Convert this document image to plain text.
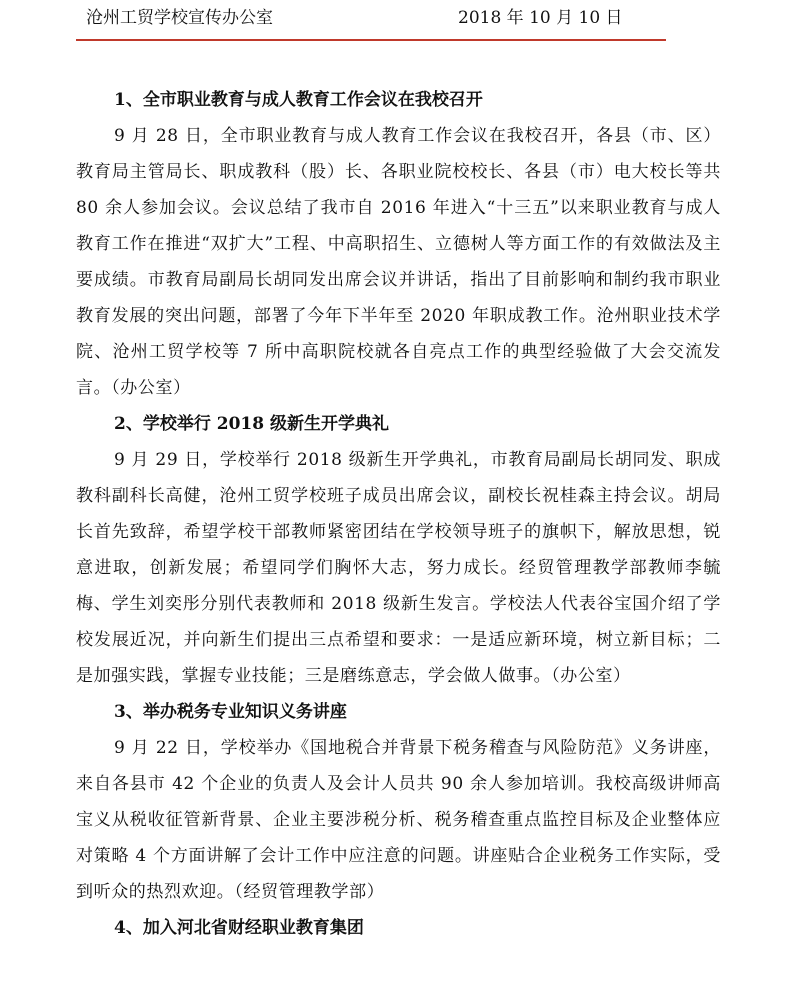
沧州工贸学校宣传办公室	2018 年 10 月 10 日

1、全市职业教育与成人教育工作会议在我校召开

9 月 28 日，全市职业教育与成人教育工作会议在我校召开，各县（市、区）教育局主管局长、职成教科（股）长、各职业院校校长、各县（市）电大校长等共 80 余人参加会议。会议总结了我市自 2016 年进入“十三五”以来职业教育与成人教育工作在推进“双扩大”工程、中高职招生、立德树人等方面工作的有效做法及主要成绩。市教育局副局长胡同发出席会议并讲话，指出了目前影响和制约我市职业教育发展的突出问题，部署了今年下半年至 2020 年职成教工作。沧州职业技术学院、沧州工贸学校等 7 所中高职院校就各自亮点工作的典型经验做了大会交流发言。（办公室）

2、学校举行 2018 级新生开学典礼

9 月 29 日，学校举行 2018 级新生开学典礼，市教育局副局长胡同发、职成教科副科长高健，沧州工贸学校班子成员出席会议，副校长祝桂森主持会议。胡局长首先致辞，希望学校干部教师紧密团结在学校领导班子的旗帜下，解放思想，锐意进取，创新发展；希望同学们胸怀大志，努力成长。经贸管理教学部教师李毓梅、学生刘奕彤分别代表教师和 2018 级新生发言。学校法人代表谷宝国介绍了学校发展近况，并向新生们提出三点希望和要求：一是适应新环境，树立新目标；二是加强实践，掌握专业技能；三是磨练意志，学会做人做事。（办公室）

3、举办税务专业知识义务讲座

9 月 22 日，学校举办《国地税合并背景下税务稽查与风险防范》义务讲座，来自各县市 42 个企业的负责人及会计人员共 90 余人参加培训。我校高级讲师高宝义从税收征管新背景、企业主要涉税分析、税务稽查重点监控目标及企业整体应对策略 4 个方面讲解了会计工作中应注意的问题。讲座贴合企业税务工作实际，受到听众的热烈欢迎。（经贸管理教学部）

4、加入河北省财经职业教育集团
